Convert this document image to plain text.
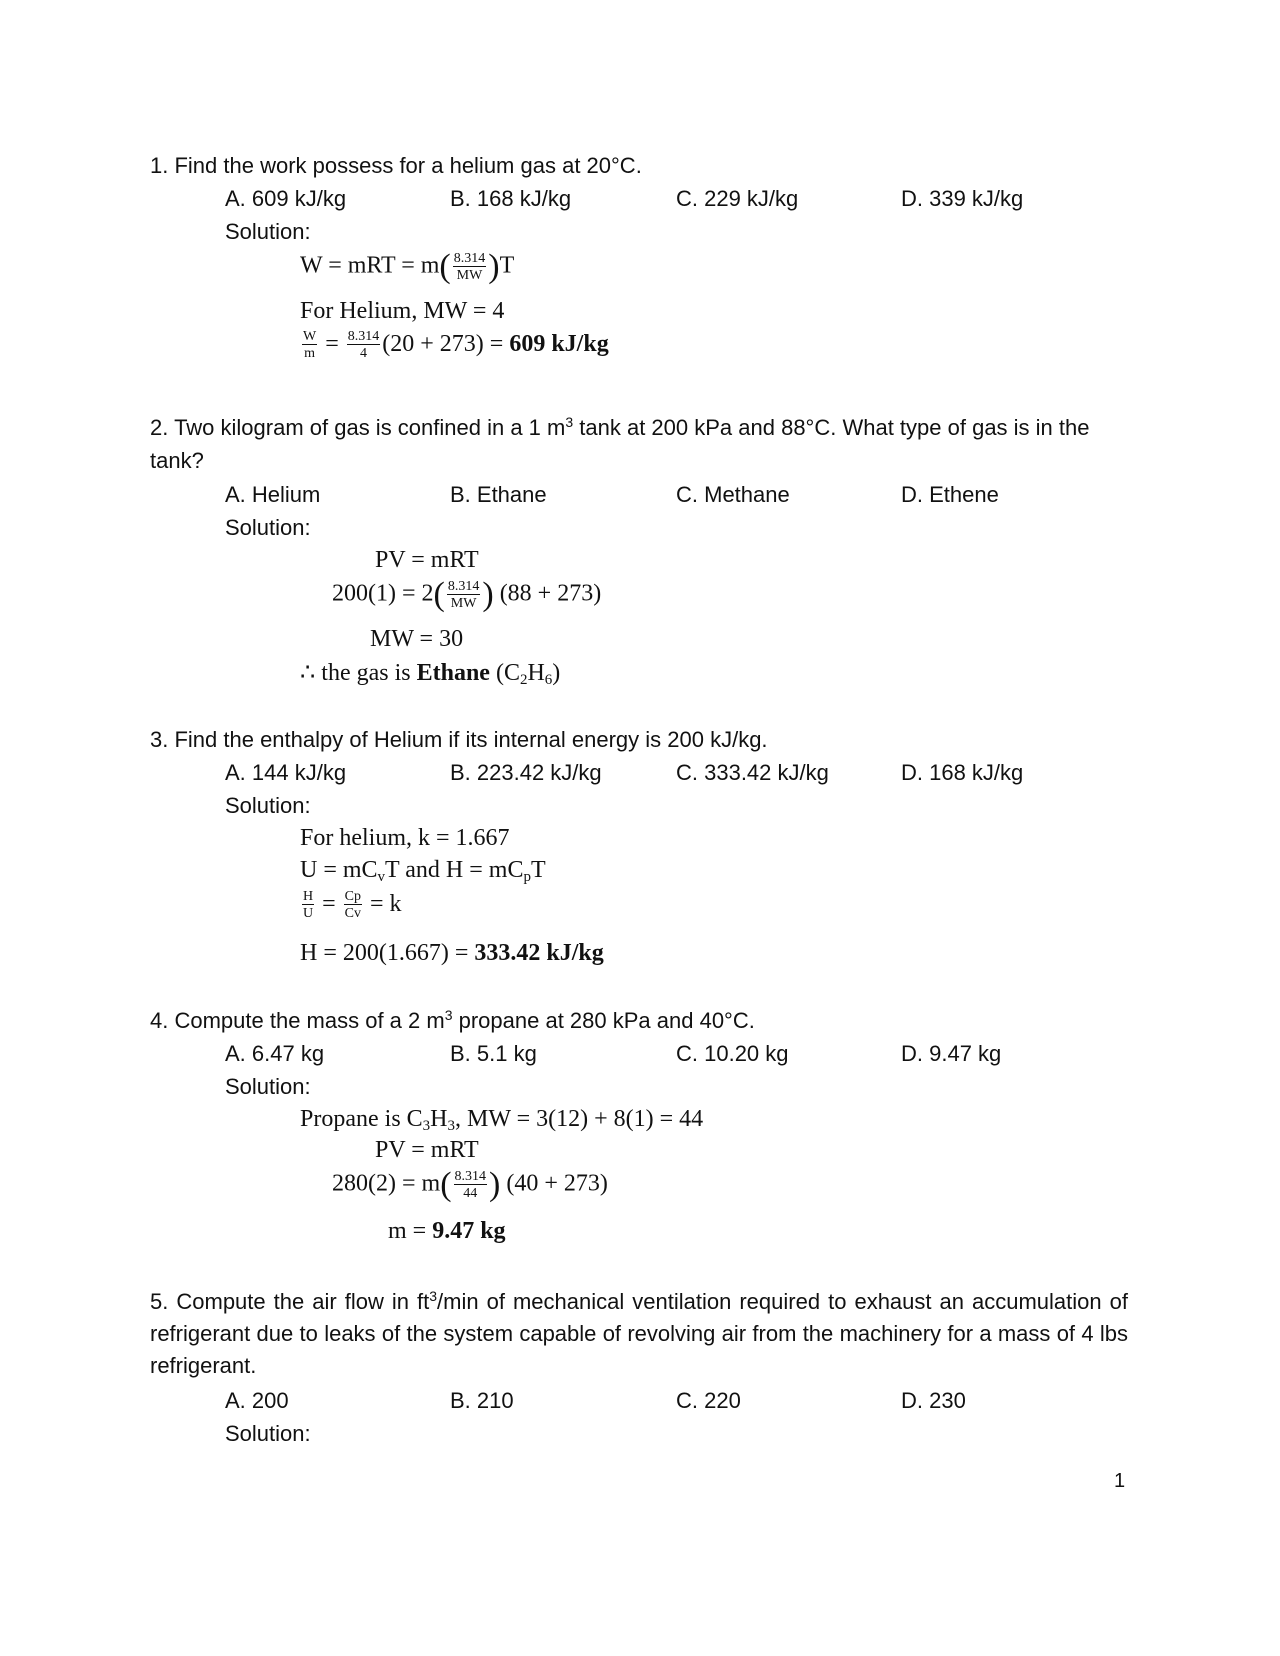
1. Find the work possess for a helium gas at 20°C.
A. 609 kJ/kg	B. 168 kJ/kg	C. 229 kJ/kg	D. 339 kJ/kg
Solution:
W = mRT = $m( \frac{8.314}{MW} )T$
For Helium, MW = 4
$\frac{W}{m} = \frac{8.314}{4} (20 + 273) = 609$ kJ/kg
2. Two kilogram of gas is confined in a 1 $m^3$ tank at 200 kPa and 88°C. What type of gas is in the
tank?
A. Helium	B. Ethane	C. Methane	D. Ethene
Solution:
PV = mRT
$200(1) = 2( \frac{8.314}{MW}$ ) (88 + 273)
MW = 30
∴ the gas is Ethane $(C_2H_6)$
3. Find the enthalpy of Helium if its internal energy is 200 kJ/kg.
A. 144 kJ/kg	B. 223.42 kJ/kg	C. 333.42 kJ/kg	D. 168 kJ/kg
Solution:
For helium, k = 1.667
$U = mC_vT$ and $H = mC_pT$
$\frac{H}{U} = \frac{Cp}{Cv} = k$
H = 200(1.667) = 333.42 kJ/kg
4. Compute the mass of a 2 $m^3$ propane at 280 kPa and 40°C.
A. 6.47 kg	B. 5.1 kg	C. 10.20 kg	D. 9.47 kg
Solution:
Propane is $C_3H_3$, MW = 3(12) + 8(1) = 44
PV = mRT
$280(2) = m( \frac{8.314}{44}$ ) (40 + 273)
m = 9.47 kg
5. Compute the air flow in $ft^3/\min$ of mechanical ventilation required to exhaust an accumulation of refrigerant due to leaks of the system capable of revolving air from the machinery for a mass of 4 lbs refrigerant.
A. 200	B. 210	C. 220	D. 230
Solution:
1
